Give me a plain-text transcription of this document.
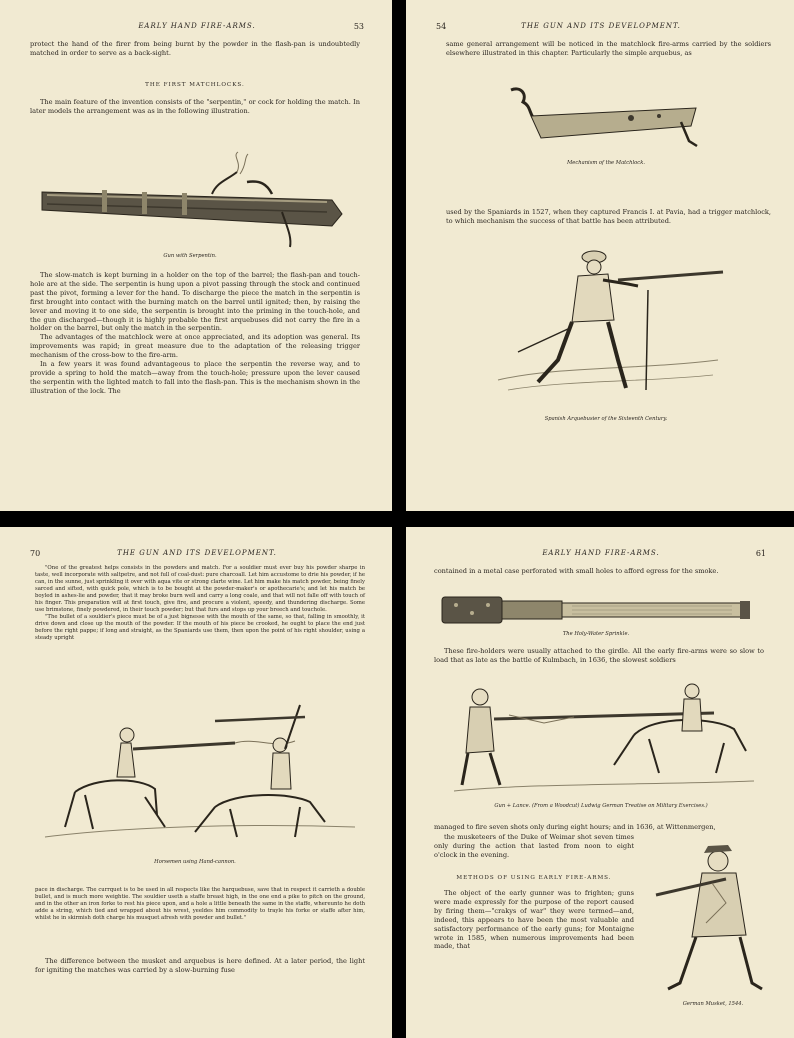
EARLY HAND FIRE-ARMS.	53

protect the hand of the firer from being burnt by the powder in the flash-pan is undoubtedly matched in order to serve as a back-sight.

THE FIRST MATCHLOCKS.

The main feature of the invention consists of the "serpentin," or cock for holding the match. In later models the arrangement was as in the following illustration.

Gun with Serpentin.

The slow-match is kept burning in a holder on the top of the barrel; the flash-pan and touch-hole are at the side. The serpentin is hung upon a pivot passing through the stock and continued past the pivot, forming a lever for the hand. To discharge the piece the match in the serpentin is first brought into contact with the burning match on the barrel until ignited; then, by raising the lever and moving it to one side, the serpentin is brought into the priming in the touch-hole, and the gun discharged—though it is highly probable the first arquebuses did not carry the fire in a holder on the barrel, but only the match in the serpentin.

The advantages of the matchlock were at once appreciated, and its adoption was general. Its improvements was rapid; in great measure due to the adaptation of the releasing trigger mechanism of the cross-bow to the fire-arm.

In a few years it was found advantageous to place the serpentin the reverse way, and to provide a spring to hold the match—away from the touch-hole; pressure upon the lever caused the serpentin with the lighted match to fall into the flash-pan. This is the mechanism shown in the illustration of the lock. The

54	THE GUN AND ITS DEVELOPMENT.

same general arrangement will be noticed in the matchlock fire-arms carried by the soldiers elsewhere illustrated in this chapter. Particularly the simple arquebus, as

Mechanism of the Matchlock.

used by the Spaniards in 1527, when they captured Francis I. at Pavia, had a trigger matchlock, to which mechanism the success of that battle has been attributed.

Spanish Arquebusier of the Sixteenth Century.
70	THE GUN AND ITS DEVELOPMENT.

"One of the greatest helps consists in the powders and match. For a souldier must ever buy his powder sharpe in taste, well incorporate with saltpetre, and not full of coal-dust: pure charcoall. Let him accustome to drie his powder, if he can, in the sunne, just sprinkling it over with aqua vite or strong clarte wine. Let him make his match powder, being finely sarced and sifted, with quick pole, which is to be bought at the powder-maker's or apothecarie's; and let his match be boyled in ashes-lie and powder, that it may broke burn well and carry a long coale, and that will not falle off with touch of his finger. This preparation will at first touch, give fire, and procure a violent, speedy, and thundering discharge. Some use brimstone, finely powdered, in their touch powder; but that furs and stops up your breech and touchole.

"The bullet of a souldier's piece must be of a just bignesse with the mouth of the same, so that, falling in smoothly, it drive down and close up the mouth of the powder. If the mouth of his piece be crooked, he ought to place the end just before the right pappe; if long and straight, as the Spaniards use them, then upon the point of his right shoulder, using a steady upright

Horsemen using Hand-cannon.

pace in discharge. The currquet is to be used in all respects like the harquebuse, save that in respect it carrieth a double bullet, and is much more weightie. The souldier useth a staffe breast high, in the one end a pike to pitch on the ground, and in the other an iron forke to rest his piece upon, and a hole a little beneath the same in the staffe, whereunto he doth adde a string, which tied and wrapped about his wrest, yeeldes him commodity to trayle his forke or staffe after him, whilst he in skirmish doth charge his musquet afresh with powder and bullet."

The difference between the musket and arquebus is here defined. At a later period, the light for igniting the matches was carried by a slow-burning fuse

EARLY HAND FIRE-ARMS.	61

contained in a metal case perforated with small holes to afford egress for the smoke.

The Holy-Water Sprinkle.

These fire-holders were usually attached to the girdle. All the early fire-arms were so slow to load that as late as the battle of Kulmbach, in 1636, the slowest soldiers

Gun + Lance. (From a Woodcut) Ludwig German Treatise on Military Exercises.)

managed to fire seven shots only during eight hours; and in 1636, at Wittenmergen,

the musketeers of the Duke of Weimar shot seven times only during the action that lasted from noon to eight o'clock in the evening.

METHODS OF USING EARLY FIRE-ARMS.

The object of the early gunner was to frighten; guns were made expressly for the purpose of the report caused by firing them—"crakys of war" they were termed—and, indeed, this appears to have been the most valuable and satisfactory performance of the early guns; for Montaigne wrote in 1585, when numerous improvements had been made, that

German Musket, 1544.
